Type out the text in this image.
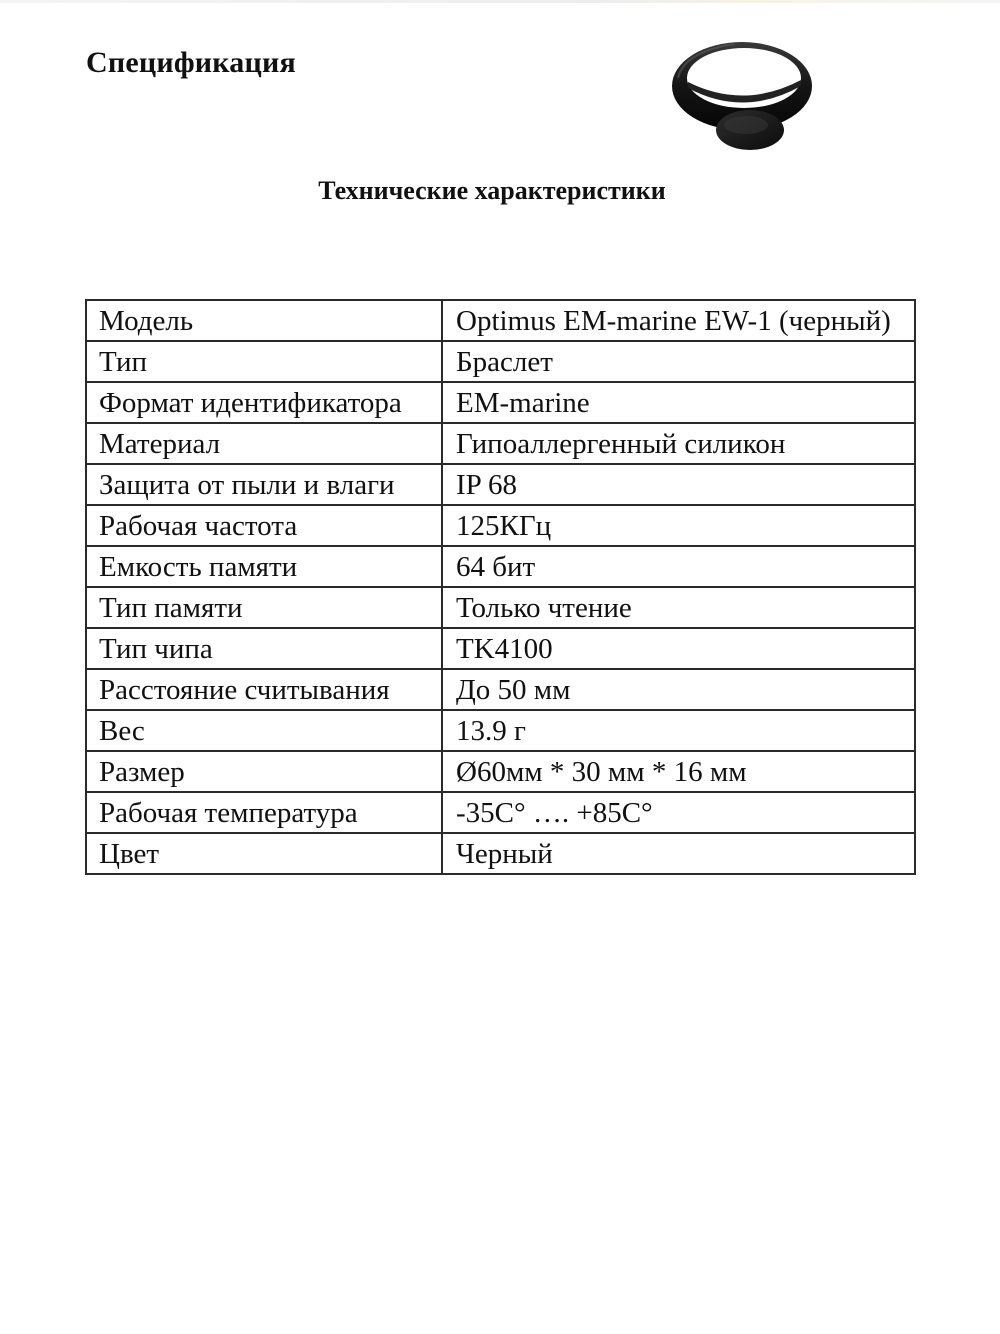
Спецификация
Технические характеристики
Модель	Optimus EM-marine EW-1 (черный)
Тип	Браслет
Формат идентификатора	EM-marine
Материал	Гипоаллергенный силикон
Защита от пыли и влаги	IP 68
Рабочая частота	125КГц
Емкость памяти	64 бит
Тип памяти	Только чтение
Тип чипа	TK4100
Расстояние считывания	До 50 мм
Вес	13.9 г
Размер	Ø60мм * 30 мм * 16 мм
Рабочая температура	-35C° …. +85C°
Цвет	Черный
